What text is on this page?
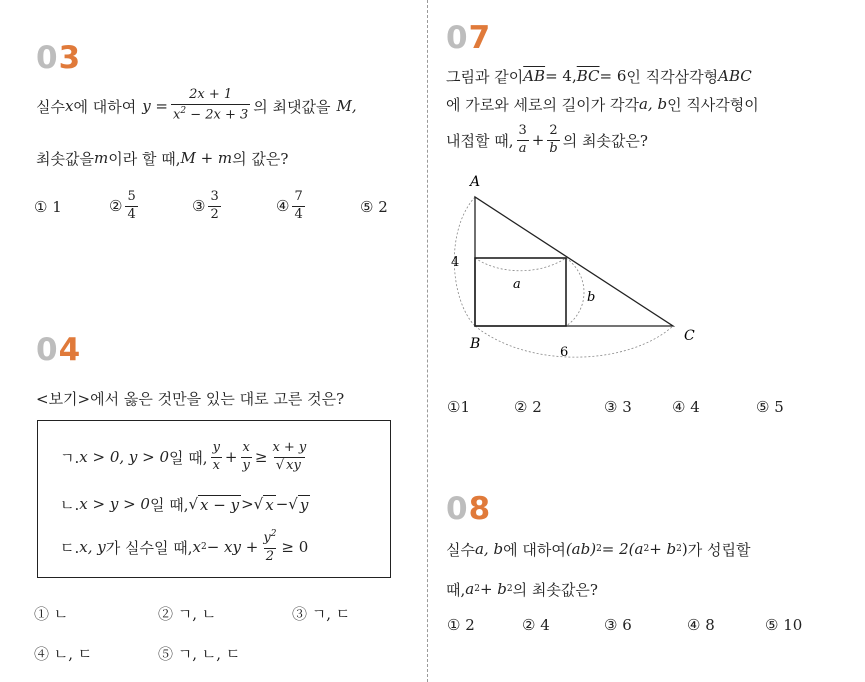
03
실수 x 에 대하여 $y = \frac{2x + 1}{x^2 - 2x + 3}$ 의 최댓값을 M,
최솟값을 m 이라 할 때, M + m 의 값은?
① 1	② $\frac{5}{4}$	③ $\frac{3}{2}$	④ $\frac{7}{4}$	⑤ 2
04
<보기>에서 옳은 것만을 있는 대로 고른 것은?
ㄱ. x > 0, y > 0 일 때, $\frac{y}{x} + \frac{x}{y} \ge \frac{x + y}{√ xy}$
ㄴ. x > y > 0 일 때, √ x − y > √ x − √ y
ㄷ. x, y 가 실수일 때, x 2 − xy + $\frac{y^2}{2} \ge 0$
① ㄴ	② ㄱ, ㄴ	③ ㄱ, ㄷ
④ ㄴ, ㄷ	⑤ ㄱ, ㄴ, ㄷ
07
그림과 같이 $\overline{AB} = 4$, $\overline{BC} = 6$ 인 직각삼각형 ABC
에 가로와 세로의 길이가 각각 a, b 인 직사각형이
내접할 때, $\frac{3}{a} + \frac{2}{b}$ 의 최솟값은?
A
B	C
4
6
a
b
①1	② 2	③ 3	④ 4	⑤ 5
08
실수 a, b 에 대하여 (ab) 2 = 2(a 2 + b 2 ) 가 성립할
때, a 2 + b 2 의 최솟값은?
① 2	② 4	③ 6	④ 8	⑤ 10
